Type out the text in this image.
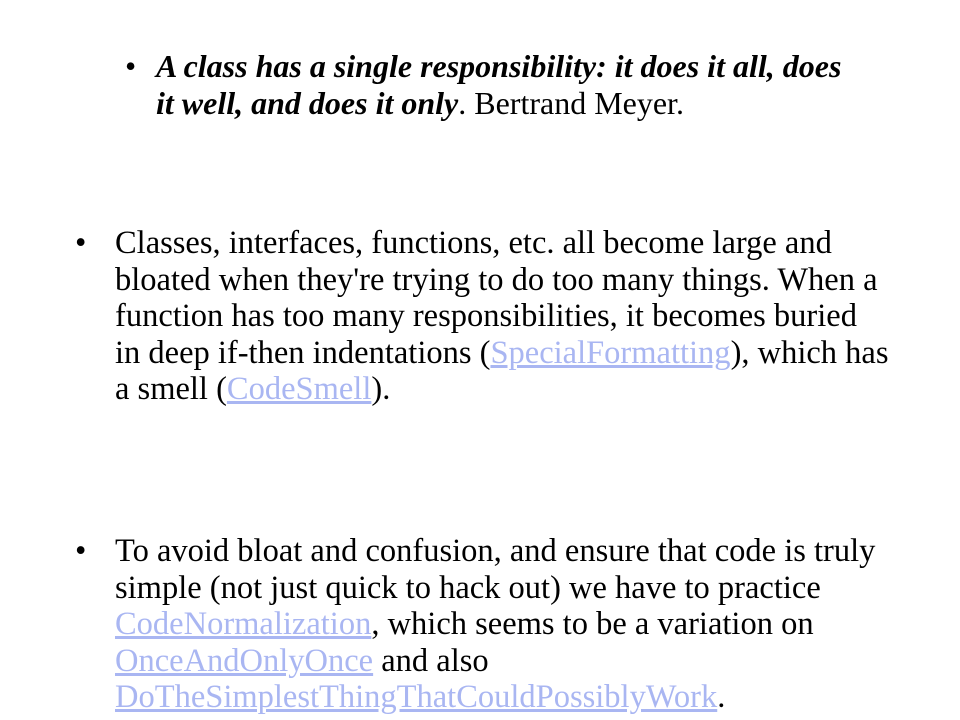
• A class has a single responsibility: it does it all, does it well, and does it only. Bertrand Meyer.
• Classes, interfaces, functions, etc. all become large and bloated when they're trying to do too many things. When a function has too many responsibilities, it becomes buried in deep if-then indentations (SpecialFormatting), which has a smell (CodeSmell).
• To avoid bloat and confusion, and ensure that code is truly simple (not just quick to hack out) we have to practice CodeNormalization, which seems to be a variation on OnceAndOnlyOnce and also DoTheSimplestThingThatCouldPossiblyWork.
